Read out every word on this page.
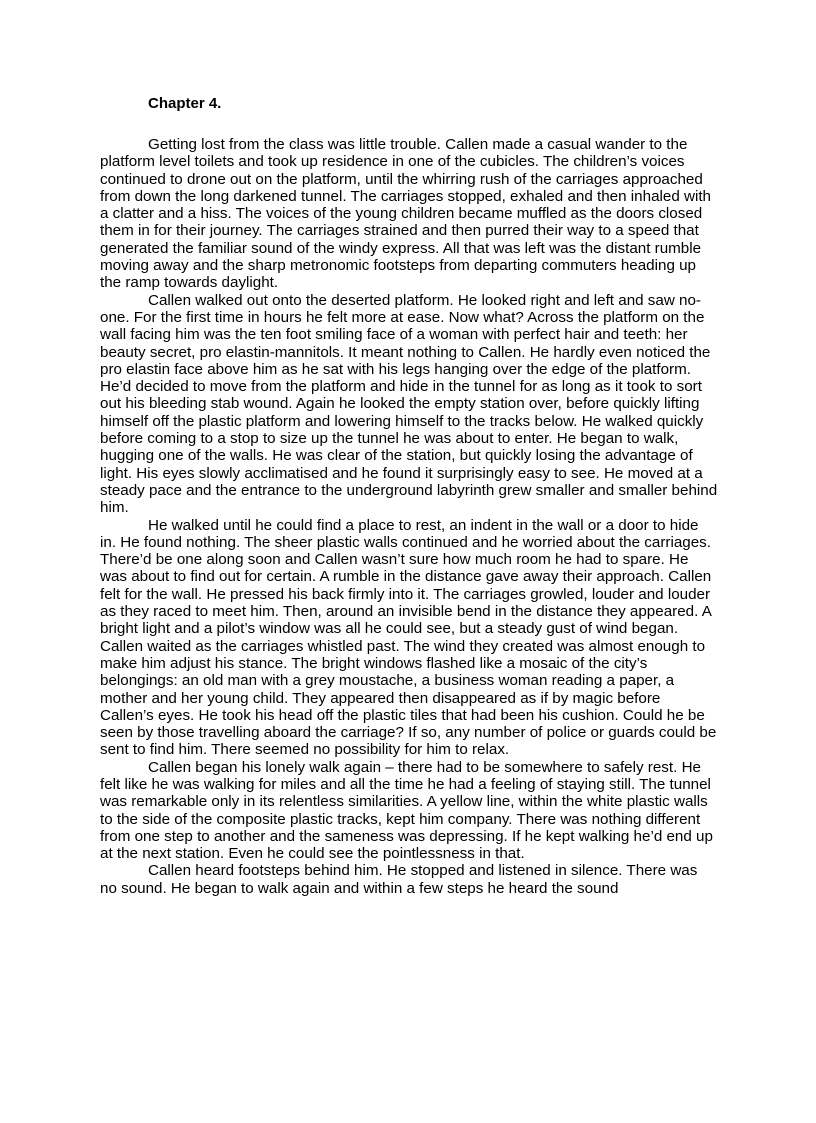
Chapter 4.

Getting lost from the class was little trouble. Callen made a casual wander to the platform level toilets and took up residence in one of the cubicles. The children’s voices continued to drone out on the platform, until the whirring rush of the carriages approached from down the long darkened tunnel. The carriages stopped, exhaled and then inhaled with a clatter and a hiss. The voices of the young children became muffled as the doors closed them in for their journey. The carriages strained and then purred their way to a speed that generated the familiar sound of the windy express. All that was left was the distant rumble moving away and the sharp metronomic footsteps from departing commuters heading up the ramp towards daylight.

Callen walked out onto the deserted platform. He looked right and left and saw no-one. For the first time in hours he felt more at ease. Now what? Across the platform on the wall facing him was the ten foot smiling face of a woman with perfect hair and teeth: her beauty secret, pro elastin-mannitols. It meant nothing to Callen. He hardly even noticed the pro elastin face above him as he sat with his legs hanging over the edge of the platform. He’d decided to move from the platform and hide in the tunnel for as long as it took to sort out his bleeding stab wound. Again he looked the empty station over, before quickly lifting himself off the plastic platform and lowering himself to the tracks below. He walked quickly before coming to a stop to size up the tunnel he was about to enter. He began to walk, hugging one of the walls. He was clear of the station, but quickly losing the advantage of light. His eyes slowly acclimatised and he found it surprisingly easy to see. He moved at a steady pace and the entrance to the underground labyrinth grew smaller and smaller behind him.

He walked until he could find a place to rest, an indent in the wall or a door to hide in. He found nothing. The sheer plastic walls continued and he worried about the carriages. There’d be one along soon and Callen wasn’t sure how much room he had to spare. He was about to find out for certain. A rumble in the distance gave away their approach. Callen felt for the wall. He pressed his back firmly into it. The carriages growled, louder and louder as they raced to meet him. Then, around an invisible bend in the distance they appeared. A bright light and a pilot’s window was all he could see, but a steady gust of wind began. Callen waited as the carriages whistled past. The wind they created was almost enough to make him adjust his stance. The bright windows flashed like a mosaic of the city’s belongings: an old man with a grey moustache, a business woman reading a paper, a mother and her young child. They appeared then disappeared as if by magic before Callen’s eyes. He took his head off the plastic tiles that had been his cushion. Could he be seen by those travelling aboard the carriage? If so, any number of police or guards could be sent to find him. There seemed no possibility for him to relax.

Callen began his lonely walk again – there had to be somewhere to safely rest. He felt like he was walking for miles and all the time he had a feeling of staying still. The tunnel was remarkable only in its relentless similarities. A yellow line, within the white plastic walls to the side of the composite plastic tracks, kept him company. There was nothing different from one step to another and the sameness was depressing. If he kept walking he’d end up at the next station. Even he could see the pointlessness in that.

Callen heard footsteps behind him. He stopped and listened in silence. There was no sound. He began to walk again and within a few steps he heard the sound
